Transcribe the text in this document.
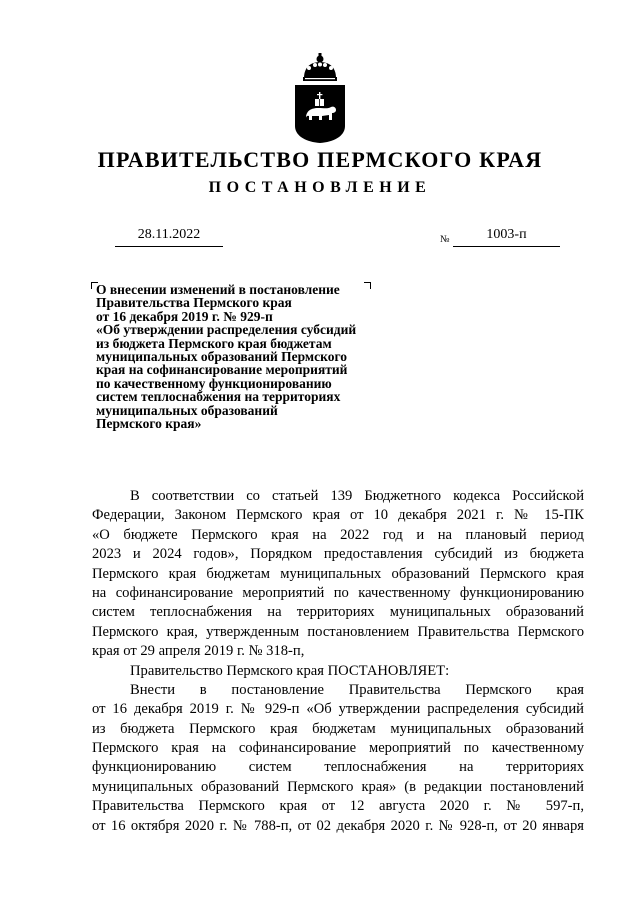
ПРАВИТЕЛЬСТВО ПЕРМСКОГО КРАЯ
ПОСТАНОВЛЕНИЕ
28.11.2022	№	1003-п
О внесении изменений в постановление
Правительства Пермского края
от 16 декабря 2019 г. № 929-п
«Об утверждении распределения субсидий
из бюджета Пермского края бюджетам
муниципальных образований Пермского
края на софинансирование мероприятий
по качественному функционированию
систем теплоснабжения на территориях
муниципальных образований
Пермского края»
В соответствии со статьей 139 Бюджетного кодекса Российской
Федерации, Законом Пермского края от 10 декабря 2021 г. № 15-ПК
«О бюджете Пермского края на 2022 год и на плановый период
2023 и 2024 годов», Порядком предоставления субсидий из бюджета
Пермского края бюджетам муниципальных образований Пермского края
на софинансирование мероприятий по качественному функционированию
систем теплоснабжения на территориях муниципальных образований
Пермского края, утвержденным постановлением Правительства Пермского
края от 29 апреля 2019 г. № 318-п,
Правительство Пермского края ПОСТАНОВЛЯЕТ:
Внести в постановление Правительства Пермского края
от 16 декабря 2019 г. № 929-п «Об утверждении распределения субсидий
из бюджета Пермского края бюджетам муниципальных образований
Пермского края на софинансирование мероприятий по качественному
функционированию систем теплоснабжения на территориях
муниципальных образований Пермского края» (в редакции постановлений
Правительства Пермского края от 12 августа 2020 г. № 597-п,
от 16 октября 2020 г. № 788-п, от 02 декабря 2020 г. № 928-п, от 20 января
